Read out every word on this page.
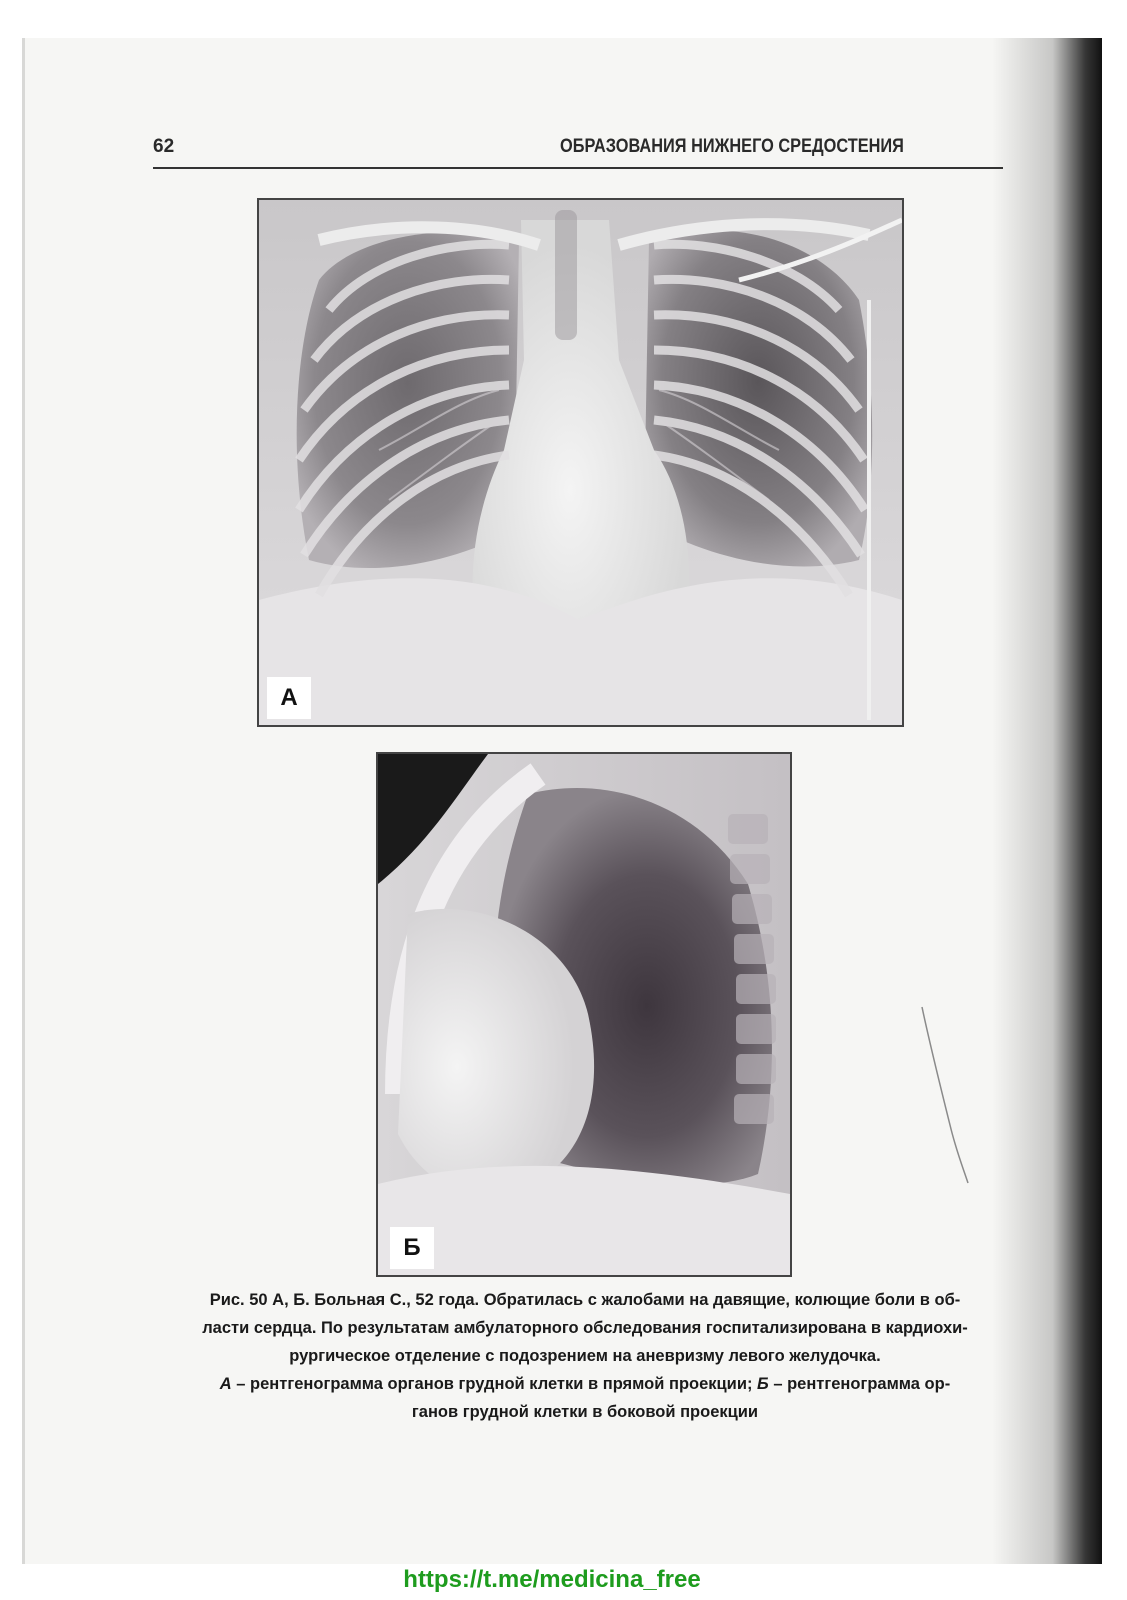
62	ОБРАЗОВАНИЯ НИЖНЕГО СРЕДОСТЕНИЯ
А
Б
Рис. 50 А, Б. Больная С., 52 года. Обратилась с жалобами на давящие, колющие боли в об-
ласти сердца. По результатам амбулаторного обследования госпитализирована в кардиохи-
рургическое отделение с подозрением на аневризму левого желудочка.
А – рентгенограмма органов грудной клетки в прямой проекции; Б – рентгенограмма ор-
ганов грудной клетки в боковой проекции
https://t.me/medicina_free
